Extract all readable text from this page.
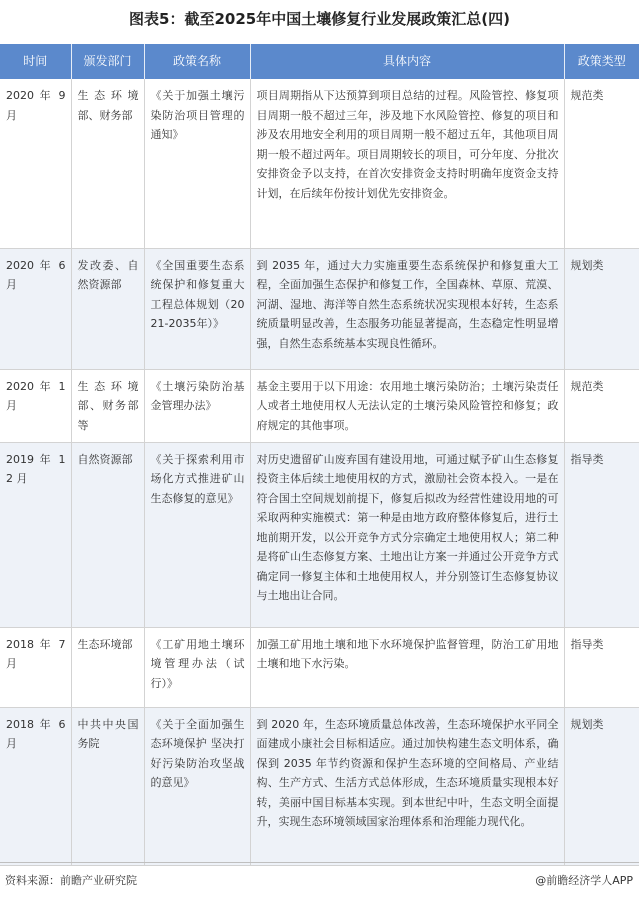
图表5：截至2025年中国土壤修复行业发展政策汇总(四)
时间	颁发部门	政策名称	具体内容	政策类型
2020 年 9 月	生态环境部、财务部	《关于加强土壤污染防治项目管理的通知》	项目周期指从下达预算到项目总结的过程。风险管控、修复项目周期一般不超过三年，涉及地下水风险管控、修复的项目和涉及农用地安全利用的项目周期一般不超过五年，其他项目周期一般不超过两年。项目周期较长的项目，可分年度、分批次安排资金予以支持，在首次安排资金支持时明确年度资金支持计划，在后续年份按计划优先安排资金。	规范类
2020 年 6 月	发改委、自然资源部	《全国重要生态系统保护和修复重大工程总体规划（2021-2035年）》	到 2035 年，通过大力实施重要生态系统保护和修复重大工程，全面加强生态保护和修复工作，全国森林、草原、荒漠、河湖、湿地、海洋等自然生态系统状况实现根本好转，生态系统质量明显改善，生态服务功能显著提高，生态稳定性明显增强，自然生态系统基本实现良性循环。	规划类
2020 年 1 月	生态环境部、财务部等	《土壤污染防治基金管理办法》	基金主要用于以下用途：农用地土壤污染防治；土壤污染责任人或者土地使用权人无法认定的土壤污染风险管控和修复；政府规定的其他事项。	规范类
2019 年 12 月	自然资源部	《关于探索利用市场化方式推进矿山生态修复的意见》	对历史遗留矿山废弃国有建设用地，可通过赋予矿山生态修复投资主体后续土地使用权的方式，激励社会资本投入。一是在符合国土空间规划前提下，修复后拟改为经营性建设用地的可采取两种实施模式：第一种是由地方政府整体修复后，进行土地前期开发，以公开竞争方式分宗确定土地使用权人；第二种是将矿山生态修复方案、土地出让方案一并通过公开竞争方式确定同一修复主体和土地使用权人，并分别签订生态修复协议与土地出让合同。	指导类
2018 年 7 月	生态环境部	《工矿用地土壤环境管理办法（试行）》	加强工矿用地土壤和地下水环境保护监督管理，防治工矿用地土壤和地下水污染。	指导类
2018 年 6 月	中共中央国务院	《关于全面加强生态环境保护 坚决打好污染防治攻坚战的意见》	到 2020 年，生态环境质量总体改善，生态环境保护水平同全面建成小康社会目标相适应。通过加快构建生态文明体系，确保到 2035 年节约资源和保护生态环境的空间格局、产业结构、生产方式、生活方式总体形成，生态环境质量实现根本好转，美丽中国目标基本实现。到本世纪中叶，生态文明全面提升，实现生态环境领域国家治理体系和治理能力现代化。	规划类
资料来源：前瞻产业研究院	@前瞻经济学人APP
